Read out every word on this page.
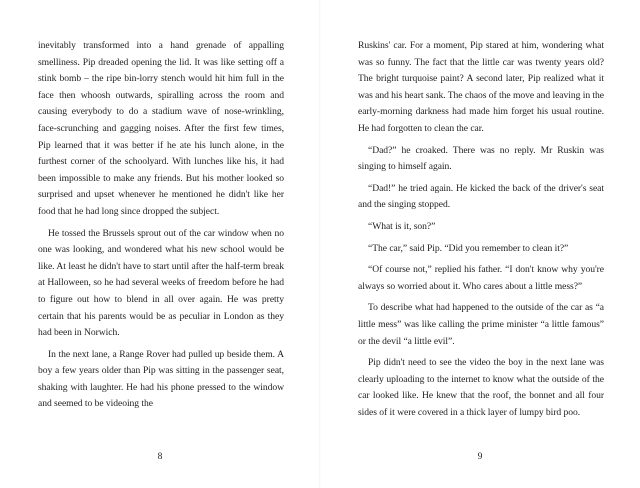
inevitably transformed into a hand grenade of appalling smelliness. Pip dreaded opening the lid. It was like setting off a stink bomb – the ripe bin-lorry stench would hit him full in the face then whoosh outwards, spiralling across the room and causing everybody to do a stadium wave of nose-wrinkling, face-scrunching and gagging noises. After the first few times, Pip learned that it was better if he ate his lunch alone, in the furthest corner of the schoolyard. With lunches like his, it had been impossible to make any friends. But his mother looked so surprised and upset whenever he mentioned he didn't like her food that he had long since dropped the subject.

He tossed the Brussels sprout out of the car window when no one was looking, and wondered what his new school would be like. At least he didn't have to start until after the half-term break at Halloween, so he had several weeks of freedom before he had to figure out how to blend in all over again. He was pretty certain that his parents would be as peculiar in London as they had been in Norwich.

In the next lane, a Range Rover had pulled up beside them. A boy a few years older than Pip was sitting in the passenger seat, shaking with laughter. He had his phone pressed to the window and seemed to be videoing the

8

Ruskins' car. For a moment, Pip stared at him, wondering what was so funny. The fact that the little car was twenty years old? The bright turquoise paint? A second later, Pip realized what it was and his heart sank. The chaos of the move and leaving in the early-morning darkness had made him forget his usual routine. He had forgotten to clean the car.

“Dad?” he croaked. There was no reply. Mr Ruskin was singing to himself again.

“Dad!” he tried again. He kicked the back of the driver's seat and the singing stopped.

“What is it, son?”

“The car,” said Pip. “Did you remember to clean it?”

“Of course not,” replied his father. “I don't know why you're always so worried about it. Who cares about a little mess?”

To describe what had happened to the outside of the car as “a little mess” was like calling the prime minister “a little famous” or the devil “a little evil”.

Pip didn't need to see the video the boy in the next lane was clearly uploading to the internet to know what the outside of the car looked like. He knew that the roof, the bonnet and all four sides of it were covered in a thick layer of lumpy bird poo.

9
